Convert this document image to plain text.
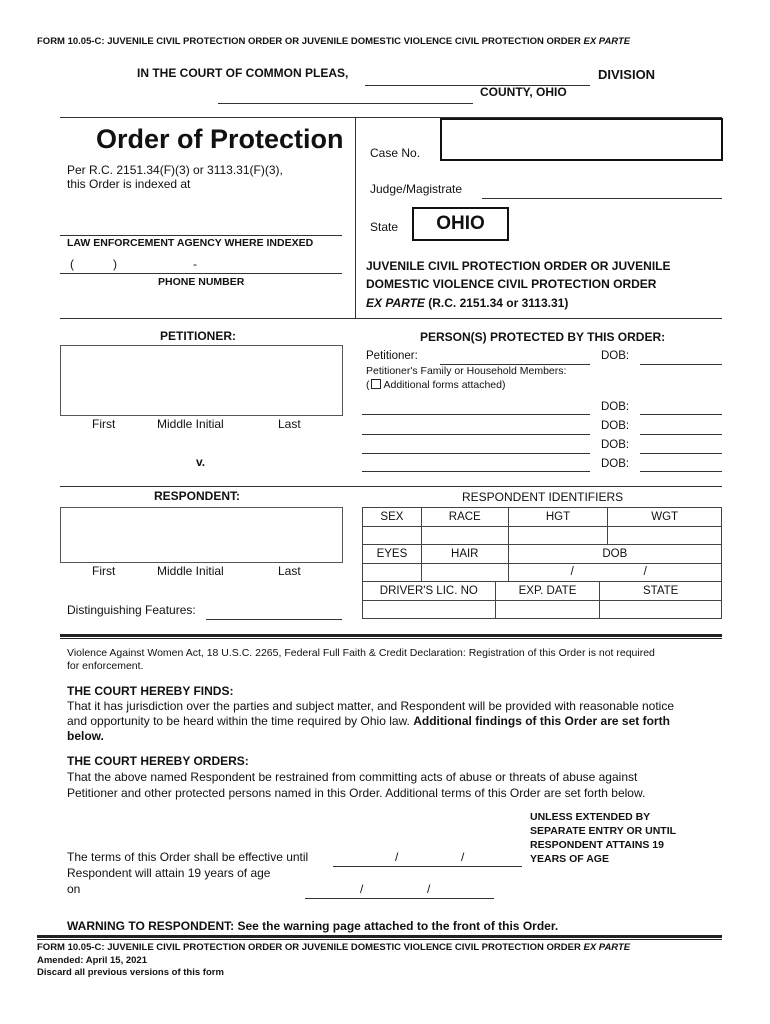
FORM 10.05-C: JUVENILE CIVIL PROTECTION ORDER OR JUVENILE DOMESTIC VIOLENCE CIVIL PROTECTION ORDER EX PARTE
IN THE COURT OF COMMON PLEAS,	DIVISION
COUNTY, OHIO
Order of Protection
Per R.C. 2151.34(F)(3) or 3113.31(F)(3),
this Order is indexed at
LAW ENFORCEMENT AGENCY WHERE INDEXED
(	)	-
PHONE NUMBER
Case No.
Judge/Magistrate
State	OHIO
JUVENILE CIVIL PROTECTION ORDER OR JUVENILE
DOMESTIC VIOLENCE CIVIL PROTECTION ORDER
EX PARTE (R.C. 2151.34 or 3113.31)
PETITIONER:
First	Middle Initial	Last
v.
PERSON(S) PROTECTED BY THIS ORDER:
Petitioner:	DOB:
Petitioner's Family or Household Members:
( Additional forms attached)
DOB:
DOB:
DOB:
DOB:
RESPONDENT:
First	Middle Initial	Last
Distinguishing Features:
RESPONDENT IDENTIFIERS
SEX	RACE	HGT	WGT

EYES	HAIR	DOB	

		/ /	
DRIVER'S LIC. NO	EXP. DATE	STATE

Violence Against Women Act, 18 U.S.C. 2265, Federal Full Faith & Credit Declaration: Registration of this Order is not required
for enforcement.
THE COURT HEREBY FINDS:
That it has jurisdiction over the parties and subject matter, and Respondent will be provided with reasonable notice
and opportunity to be heard within the time required by Ohio law. Additional findings of this Order are set forth
below.
THE COURT HEREBY ORDERS:
That the above named Respondent be restrained from committing acts of abuse or threats of abuse against
Petitioner and other protected persons named in this Order. Additional terms of this Order are set forth below.
UNLESS EXTENDED BY
SEPARATE ENTRY OR UNTIL
RESPONDENT ATTAINS 19
YEARS OF AGE
The terms of this Order shall be effective until
Respondent will attain 19 years of age
on
/	/
/	/
WARNING TO RESPONDENT: See the warning page attached to the front of this Order.
FORM 10.05-C: JUVENILE CIVIL PROTECTION ORDER OR JUVENILE DOMESTIC VIOLENCE CIVIL PROTECTION ORDER EX PARTE
Amended: April 15, 2021
Discard all previous versions of this form
